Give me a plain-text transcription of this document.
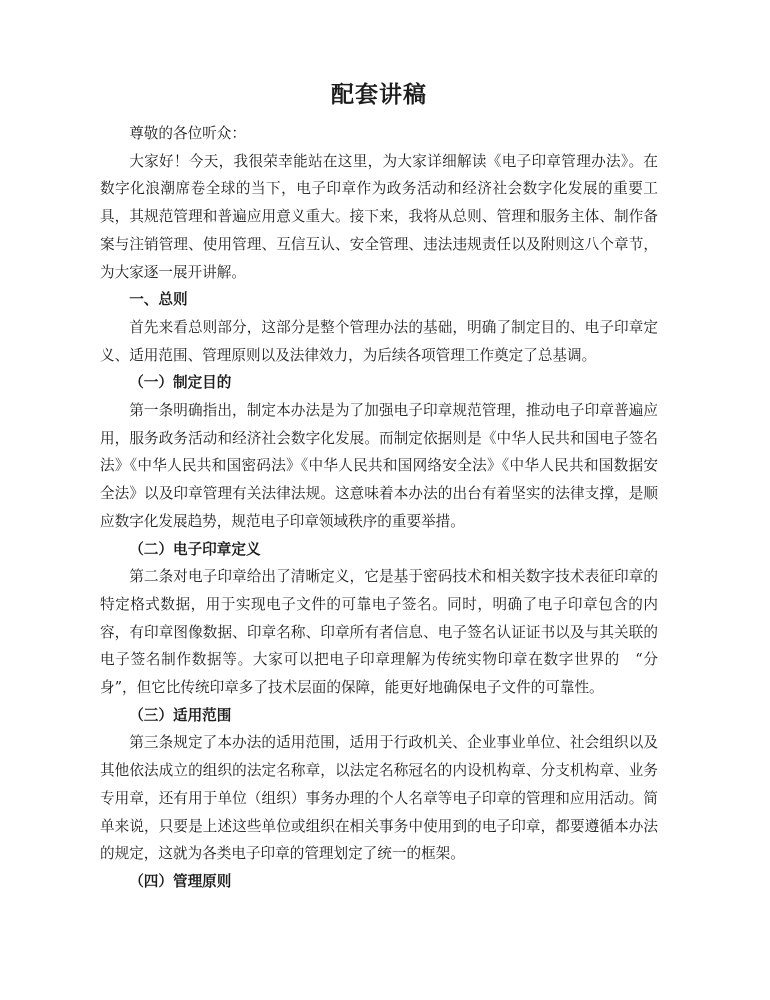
配套讲稿

尊敬的各位听众：

大家好！今天，我很荣幸能站在这里，为大家详细解读《电子印章管理办法》。在数字化浪潮席卷全球的当下，电子印章作为政务活动和经济社会数字化发展的重要工具，其规范管理和普遍应用意义重大。接下来，我将从总则、管理和服务主体、制作备案与注销管理、使用管理、互信互认、安全管理、违法违规责任以及附则这八个章节，为大家逐一展开讲解。

一、总则

首先来看总则部分，这部分是整个管理办法的基础，明确了制定目的、电子印章定义、适用范围、管理原则以及法律效力，为后续各项管理工作奠定了总基调。

（一）制定目的

第一条明确指出，制定本办法是为了加强电子印章规范管理，推动电子印章普遍应用，服务政务活动和经济社会数字化发展。而制定依据则是《中华人民共和国电子签名法》《中华人民共和国密码法》《中华人民共和国网络安全法》《中华人民共和国数据安全法》以及印章管理有关法律法规。这意味着本办法的出台有着坚实的法律支撑，是顺应数字化发展趋势，规范电子印章领域秩序的重要举措。

（二）电子印章定义

第二条对电子印章给出了清晰定义，它是基于密码技术和相关数字技术表征印章的特定格式数据，用于实现电子文件的可靠电子签名。同时，明确了电子印章包含的内容，有印章图像数据、印章名称、印章所有者信息、电子签名认证证书以及与其关联的电子签名制作数据等。大家可以把电子印章理解为传统实物印章在数字世界的　“分身”，但它比传统印章多了技术层面的保障，能更好地确保电子文件的可靠性。

（三）适用范围

第三条规定了本办法的适用范围，适用于行政机关、企业事业单位、社会组织以及其他依法成立的组织的法定名称章，以法定名称冠名的内设机构章、分支机构章、业务专用章，还有用于单位（组织）事务办理的个人名章等电子印章的管理和应用活动。简单来说，只要是上述这些单位或组织在相关事务中使用到的电子印章，都要遵循本办法的规定，这就为各类电子印章的管理划定了统一的框架。

（四）管理原则
